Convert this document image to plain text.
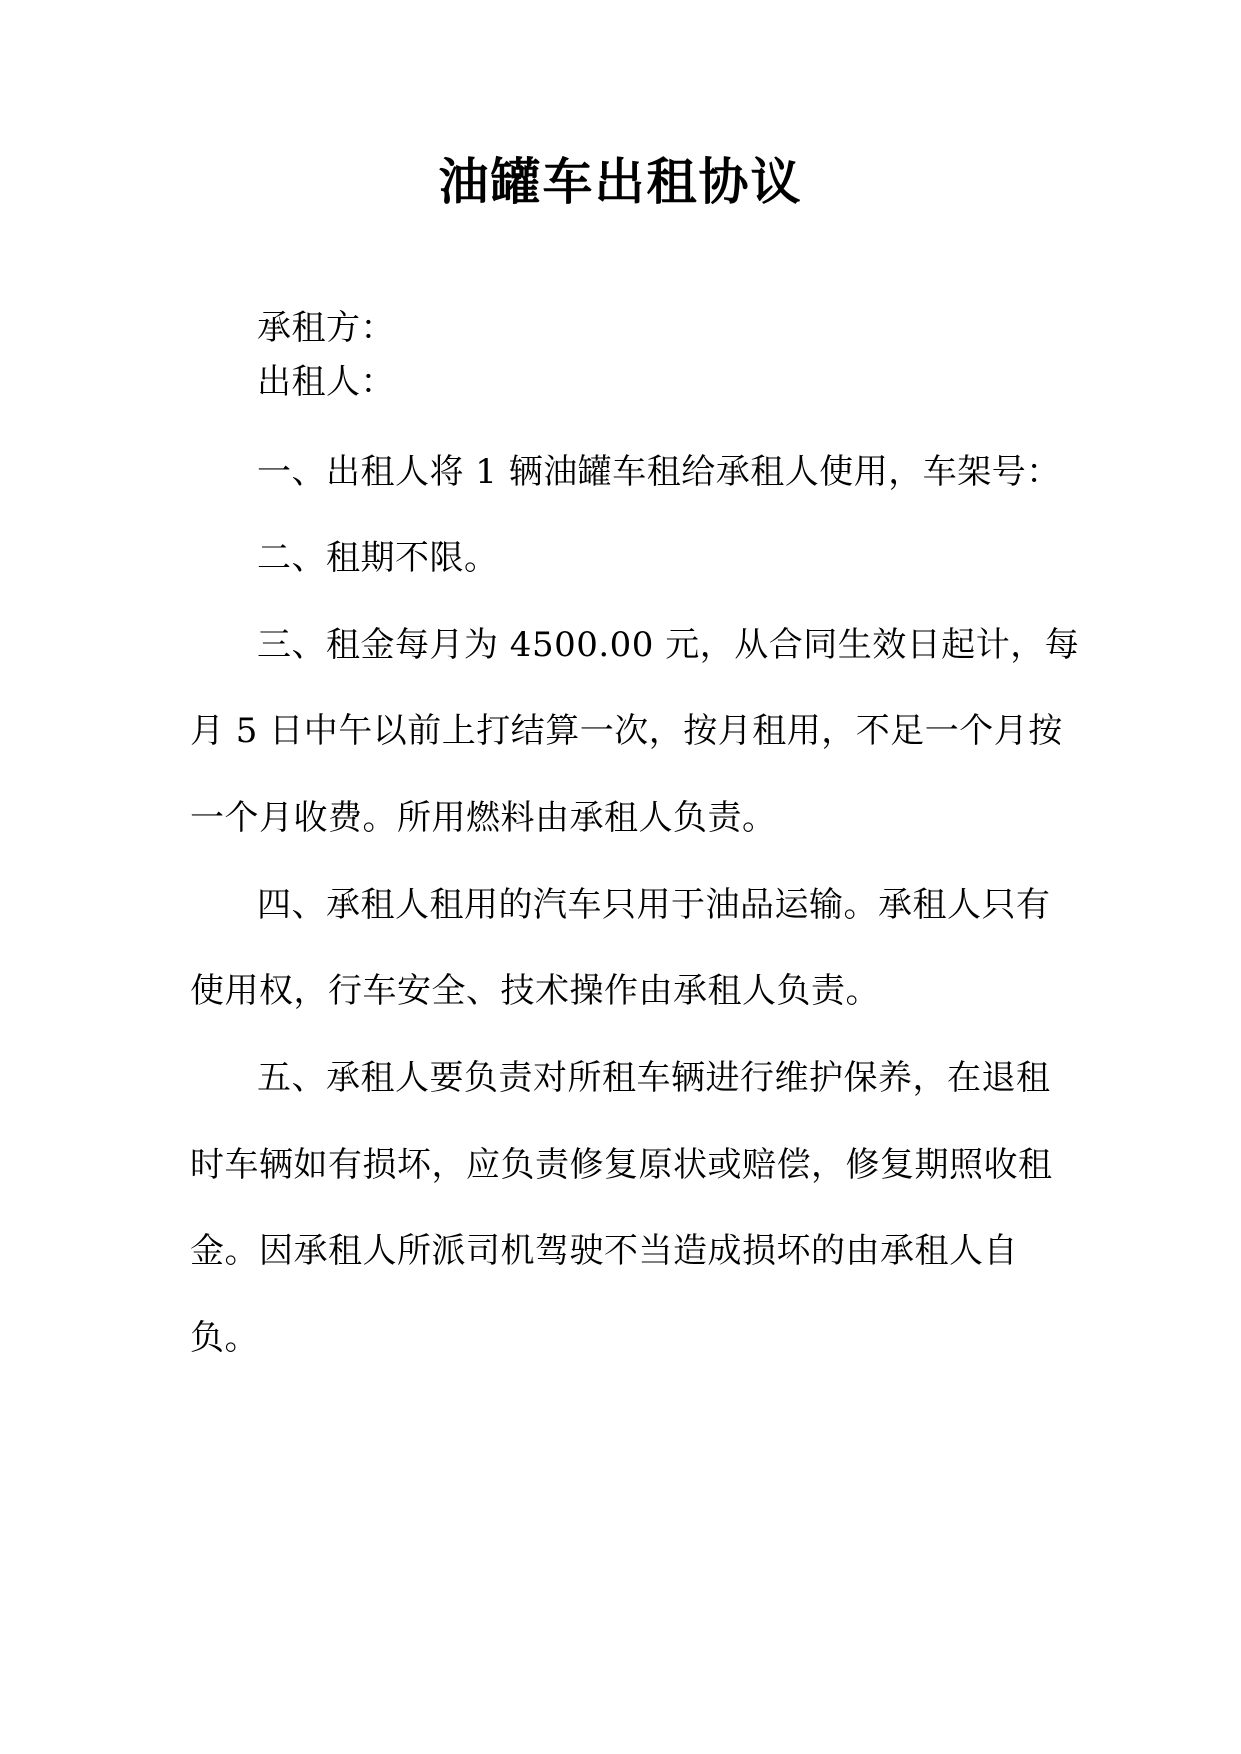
油罐车出租协议
承租方：
出租人：
一、出租人将 1 辆油罐车租给承租人使用，车架号：
二、租期不限。
三、租金每月为 4500.00 元，从合同生效日起计，每
月 5 日中午以前上打结算一次，按月租用，不足一个月按
一个月收费。所用燃料由承租人负责。
四、承租人租用的汽车只用于油品运输。承租人只有
使用权，行车安全、技术操作由承租人负责。
五、承租人要负责对所租车辆进行维护保养，在退租
时车辆如有损坏，应负责修复原状或赔偿，修复期照收租
金。因承租人所派司机驾驶不当造成损坏的由承租人自
负。
